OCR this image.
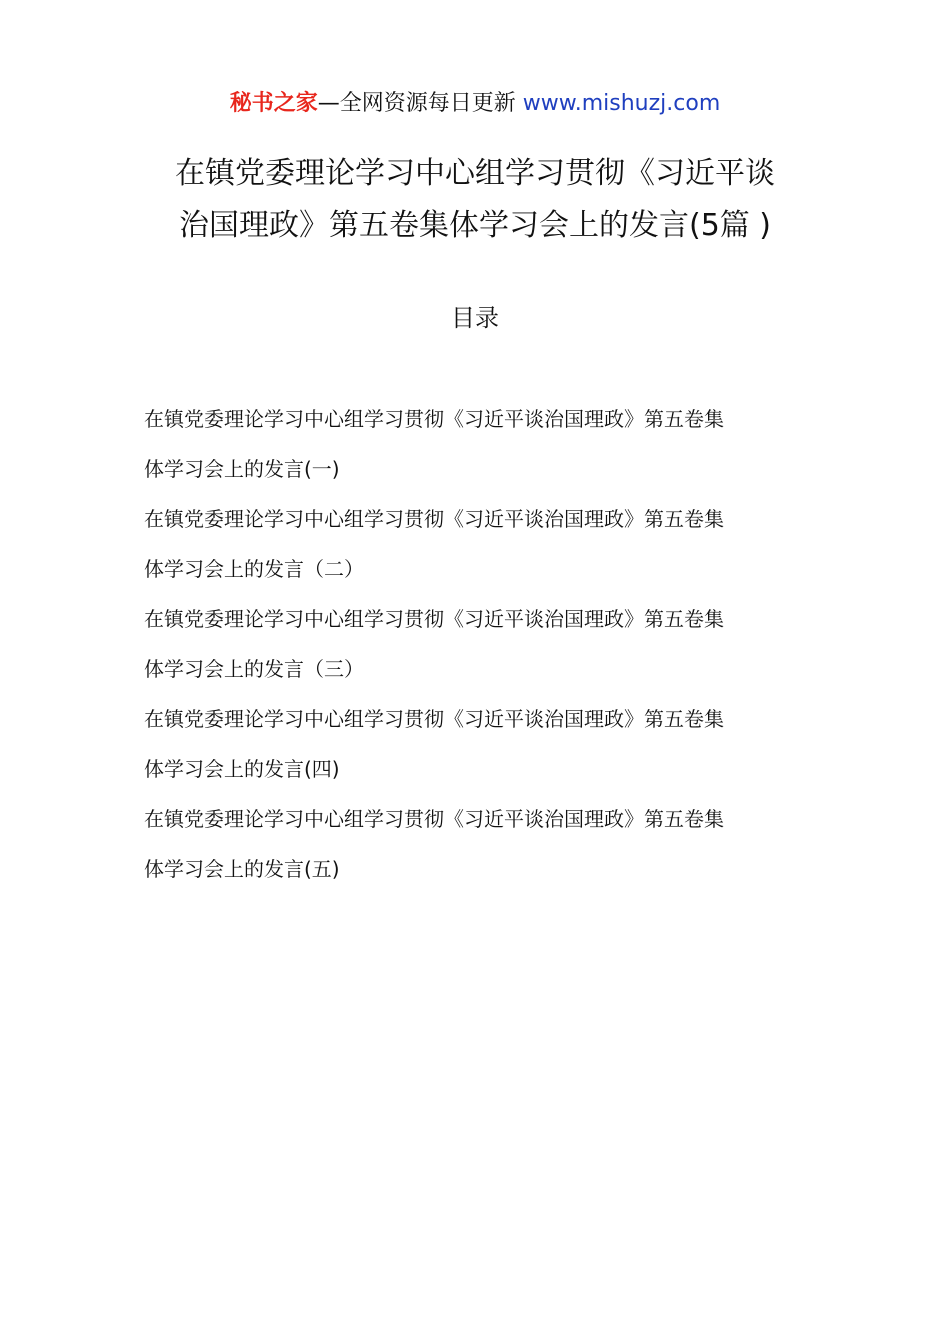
秘书之家—全网资源每日更新 www.mishuzj.com
在镇党委理论学习中心组学习贯彻《习近平谈
治国理政》第五卷集体学习会上的发言(5篇 )
目录
在镇党委理论学习中心组学习贯彻《习近平谈治国理政》第五卷集
体学习会上的发言(一)
在镇党委理论学习中心组学习贯彻《习近平谈治国理政》第五卷集
体学习会上的发言（二）
在镇党委理论学习中心组学习贯彻《习近平谈治国理政》第五卷集
体学习会上的发言（三）
在镇党委理论学习中心组学习贯彻《习近平谈治国理政》第五卷集
体学习会上的发言(四)
在镇党委理论学习中心组学习贯彻《习近平谈治国理政》第五卷集
体学习会上的发言(五)
